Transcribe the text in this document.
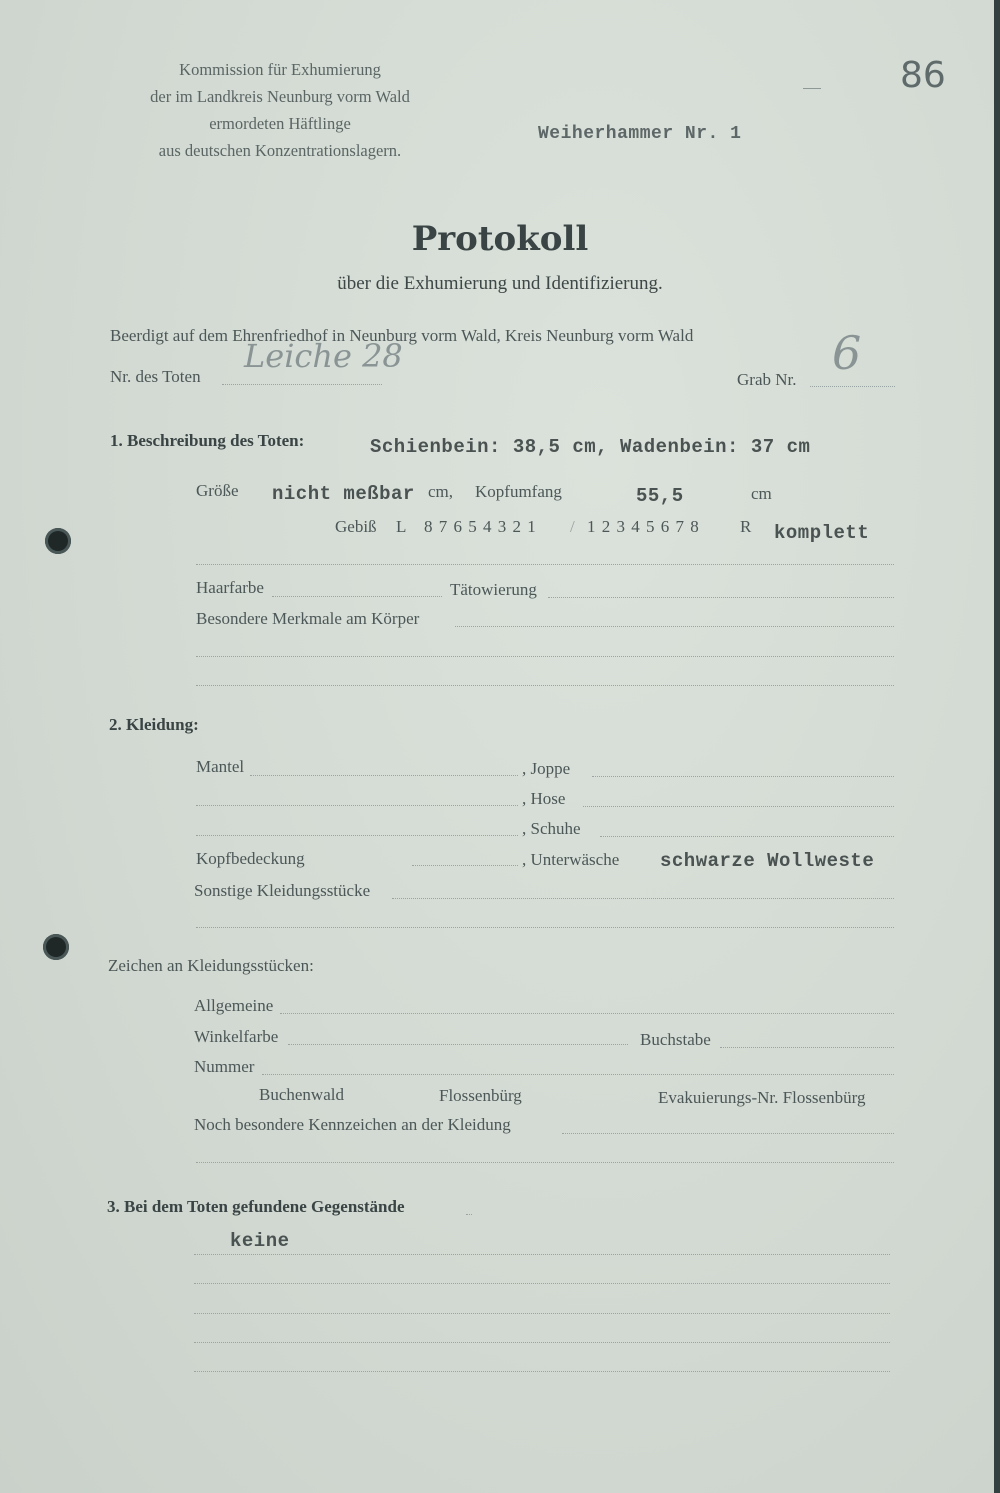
Kommission für Exhumierung
der im Landkreis Neunburg vorm Wald
ermordeten Häftlinge
aus deutschen Konzentrationslagern.
Weiherhammer Nr. 1
86
Protokoll
über die Exhumierung und Identifizierung.
Beerdigt auf dem Ehrenfriedhof in Neunburg vorm Wald, Kreis Neunburg vorm Wald
Nr. des Toten
Leiche 28
Grab Nr. 6
1. Beschreibung des Toten:	Schienbein: 38,5 cm, Wadenbein: 37 cm
Größe nicht meßbar cm, Kopfumfang	55,5	cm
Gebiß L 8 7 6 5 4 3 2 1 / 1 2 3 4 5 6 7 8 R komplett
Haarfarbe	Tätowierung
Besondere Merkmale am Körper
2. Kleidung:
Mantel	, Joppe
, Hose
, Schuhe
Kopfbedeckung	, Unterwäsche schwarze Wollweste
Sonstige Kleidungsstücke
Zeichen an Kleidungsstücken:
Allgemeine
Winkelfarbe	Buchstabe
Nummer
Buchenwald	Flossenbürg	Evakuierungs-Nr. Flossenbürg
Noch besondere Kennzeichen an der Kleidung
3. Bei dem Toten gefundene Gegenstände
keine
